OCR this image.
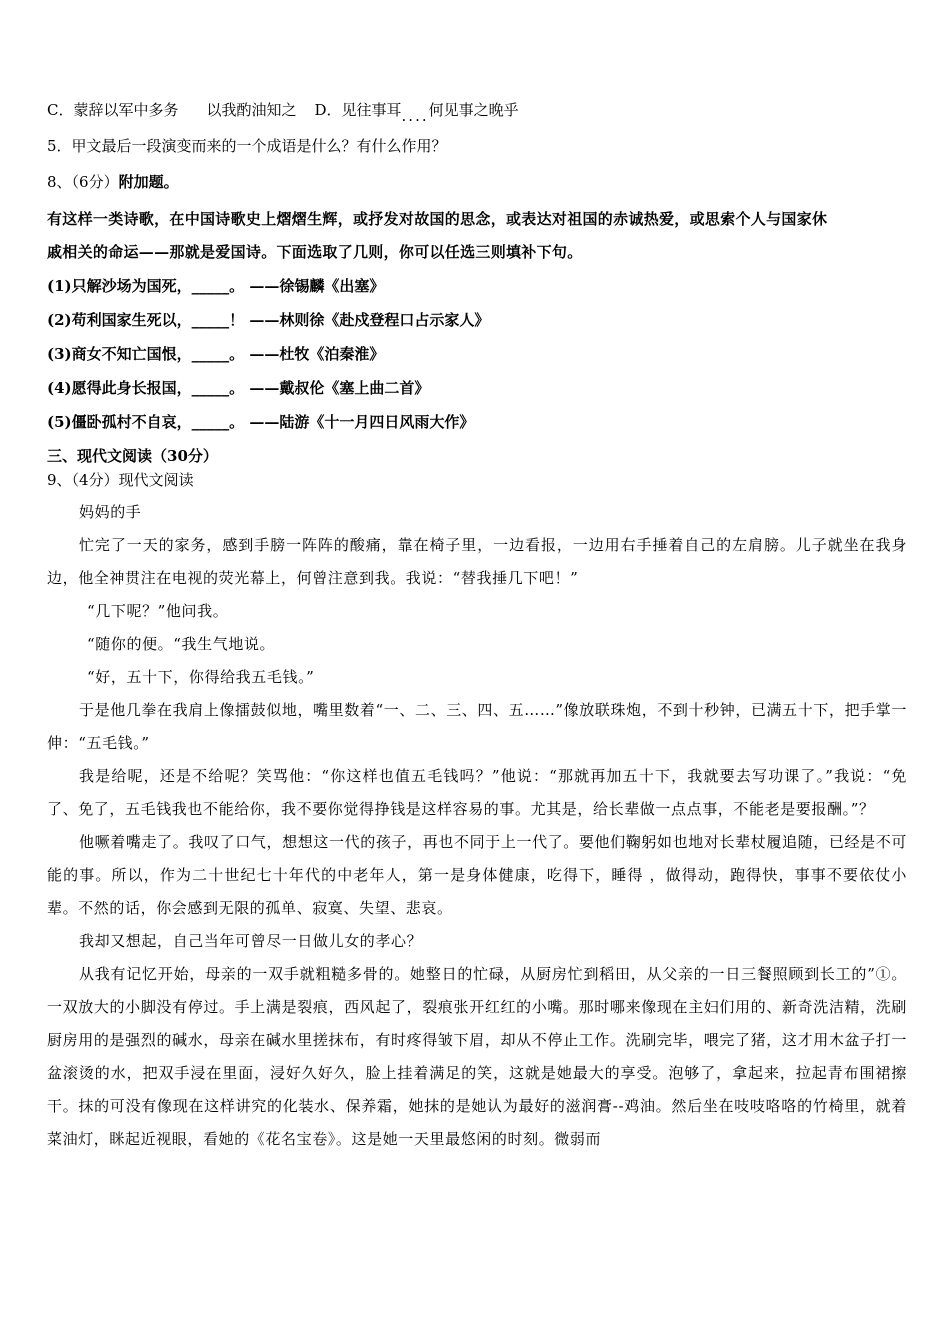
C．蒙辞以军中多务 以我酌油知之 D．见往事耳 .... 何见事之晚乎
5．甲文最后一段演变而来的一个成语是什么？有什么作用？
8、（6分）附加题。
有这样一类诗歌，在中国诗歌史上熠熠生辉，或抒发对故国的思念，或表达对祖国的赤诚热爱，或思索个人与国家休
戚相关的命运——那就是爱国诗。下面选取了几则，你可以任选三则填补下句。
(1)只解沙场为国死，_____。 ——徐锡麟《出塞》
(2)苟利国家生死以，_____！ ——林则徐《赴戍登程口占示家人》
(3)商女不知亡国恨，_____。 ——杜牧《泊秦淮》
(4)愿得此身长报国，_____。 ——戴叔伦《塞上曲二首》
(5)僵卧孤村不自哀，_____。 ——陆游《十一月四日风雨大作》
三、现代文阅读（30分）
9、（4分）现代文阅读
妈妈的手
忙完了一天的家务，感到手膀一阵阵的酸痛，靠在椅子里，一边看报，一边用右手捶着自己的左肩膀。儿子就坐在我身边，他全神贯注在电视的荧光幕上，何曾注意到我。我说：“替我捶几下吧！”
“几下呢？”他问我。
“随你的便。“我生气地说。
“好，五十下，你得给我五毛钱。”
于是他几拳在我肩上像擂鼓似地，嘴里数着“一、二、三、四、五……”像放联珠炮，不到十秒钟，已满五十下，把手掌一伸：“五毛钱。”
我是给呢，还是不给呢？笑骂他：“你这样也值五毛钱吗？”他说：“那就再加五十下，我就要去写功课了。”我说：“免了、免了，五毛钱我也不能给你，我不要你觉得挣钱是这样容易的事。尤其是，给长辈做一点点事，不能老是要报酬。”？
他噘着嘴走了。我叹了口气，想想这一代的孩子，再也不同于上一代了。要他们鞠躬如也地对长辈杖履追随，已经是不可能的事。所以，作为二十世纪七十年代的中老年人，第一是身体健康，吃得下，睡得 ，做得动，跑得快，事事不要依仗小辈。不然的话，你会感到无限的孤单、寂寞、失望、悲哀。
我却又想起，自己当年可曾尽一日做儿女的孝心？
从我有记忆开始，母亲的一双手就粗糙多骨的。她整日的忙碌，从厨房忙到稻田，从父亲的一日三餐照顾到长工的”①。一双放大的小脚没有停过。手上满是裂痕，西风起了，裂痕张开红红的小嘴。那时哪来像现在主妇们用的、新奇洗洁精，洗刷厨房用的是强烈的碱水，母亲在碱水里搓抹布，有时疼得皱下眉，却从不停止工作。洗刷完毕，喂完了猪，这才用木盆子打一盆滚烫的水，把双手浸在里面，浸好久好久，脸上挂着满足的笑，这就是她最大的享受。泡够了，拿起来，拉起青布围裙擦干。抹的可没有像现在这样讲究的化装水、保养霜，她抹的是她认为最好的滋润膏--鸡油。然后坐在吱吱咯咯的竹椅里，就着菜油灯，眯起近视眼，看她的《花名宝卷》。这是她一天里最悠闲的时刻。微弱而
